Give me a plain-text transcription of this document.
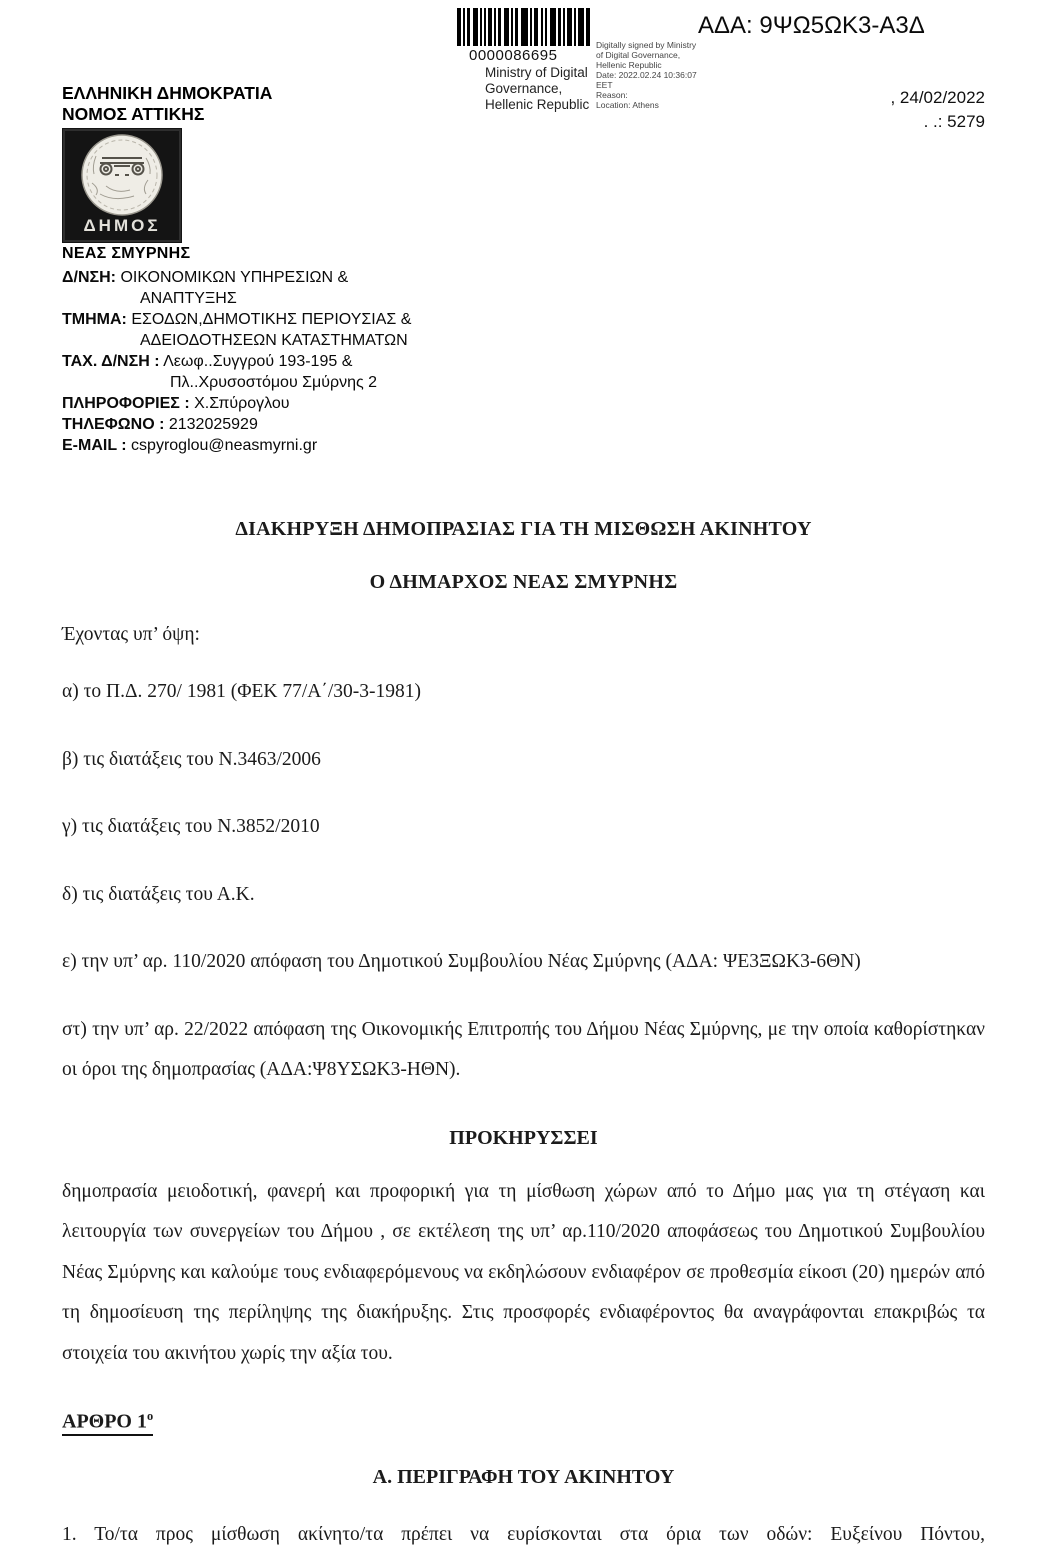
0000086695
Ministry of Digital
Governance,
Hellenic Republic
Digitally signed by Ministry
of Digital Governance,
Hellenic Republic
Date: 2022.02.24 10:36:07
EET
Reason:
Location: Athens
ΑΔΑ: 9ΨΩ5ΩΚ3-Α3Δ
, 24/02/2022
. .: 5279
ΕΛΛΗΝΙΚΗ ΔΗΜΟΚΡΑΤΙΑ
ΝΟΜΟΣ ΑΤΤΙΚΗΣ
ΔΗΜΟΣ
ΝΕΑΣ ΣΜΥΡΝΗΣ
Δ/ΝΣΗ: ΟΙΚΟΝΟΜΙΚΩΝ ΥΠΗΡΕΣΙΩΝ &
ΑΝΑΠΤΥΞΗΣ
ΤΜΗΜΑ: ΕΣΟΔΩΝ,ΔΗΜΟΤΙΚΗΣ ΠΕΡΙΟΥΣΙΑΣ &
ΑΔΕΙΟΔΟΤΗΣΕΩΝ ΚΑΤΑΣΤΗΜΑΤΩΝ
ΤΑΧ. Δ/ΝΣΗ : Λεωφ..Συγγρού 193-195 &
Πλ..Χρυσοστόμου Σμύρνης 2
ΠΛΗΡΟΦΟΡΙΕΣ : Χ.Σπύρογλου
ΤΗΛΕΦΩΝΟ : 2132025929
E-MAIL : cspyroglou@neasmyrni.gr

ΔΙΑΚΗΡΥΞΗ ΔΗΜΟΠΡΑΣΙΑΣ ΓΙΑ ΤΗ ΜΙΣΘΩΣΗ ΑΚΙΝΗΤΟΥ

Ο ΔΗΜΑΡΧΟΣ ΝΕΑΣ ΣΜΥΡΝΗΣ

Έχοντας υπ’ όψη:

α) το Π.Δ. 270/ 1981 (ΦΕΚ 77/Α΄/30-3-1981)

β) τις διατάξεις του Ν.3463/2006

γ) τις διατάξεις του Ν.3852/2010

δ) τις διατάξεις του Α.Κ.

ε) την υπ’ αρ. 110/2020 απόφαση του Δημοτικού Συμβουλίου Νέας Σμύρνης (ΑΔΑ: ΨΕ3ΞΩΚ3-6ΘΝ)

στ) την υπ’ αρ. 22/2022 απόφαση της Οικονομικής Επιτροπής του Δήμου Νέας Σμύρνης, με την οποία καθορίστηκαν οι όροι της δημοπρασίας (ΑΔΑ:Ψ8ΥΣΩΚ3-ΗΘΝ).

ΠΡΟΚΗΡΥΣΣΕΙ

δημοπρασία μειοδοτική, φανερή και προφορική για τη μίσθωση χώρων από το Δήμο μας για τη στέγαση και λειτουργία των συνεργείων του Δήμου , σε εκτέλεση της υπ’ αρ.110/2020 αποφάσεως του Δημοτικού Συμβουλίου Νέας Σμύρνης και καλούμε τους ενδιαφερόμενους να εκδηλώσουν ενδιαφέρον σε προθεσμία είκοσι (20) ημερών από τη δημοσίευση της περίληψης της διακήρυξης. Στις προσφορές ενδιαφέροντος θα αναγράφονται επακριβώς τα στοιχεία του ακινήτου χωρίς την αξία του.

ΑΡΘΡΟ $1^o$

Α. ΠΕΡΙΓΡΑΦΗ ΤΟΥ ΑΚΙΝΗΤΟΥ

1. Το/τα προς μίσθωση ακίνητο/τα πρέπει να ευρίσκονται στα όρια των οδών: Ευξείνου Πόντου,
